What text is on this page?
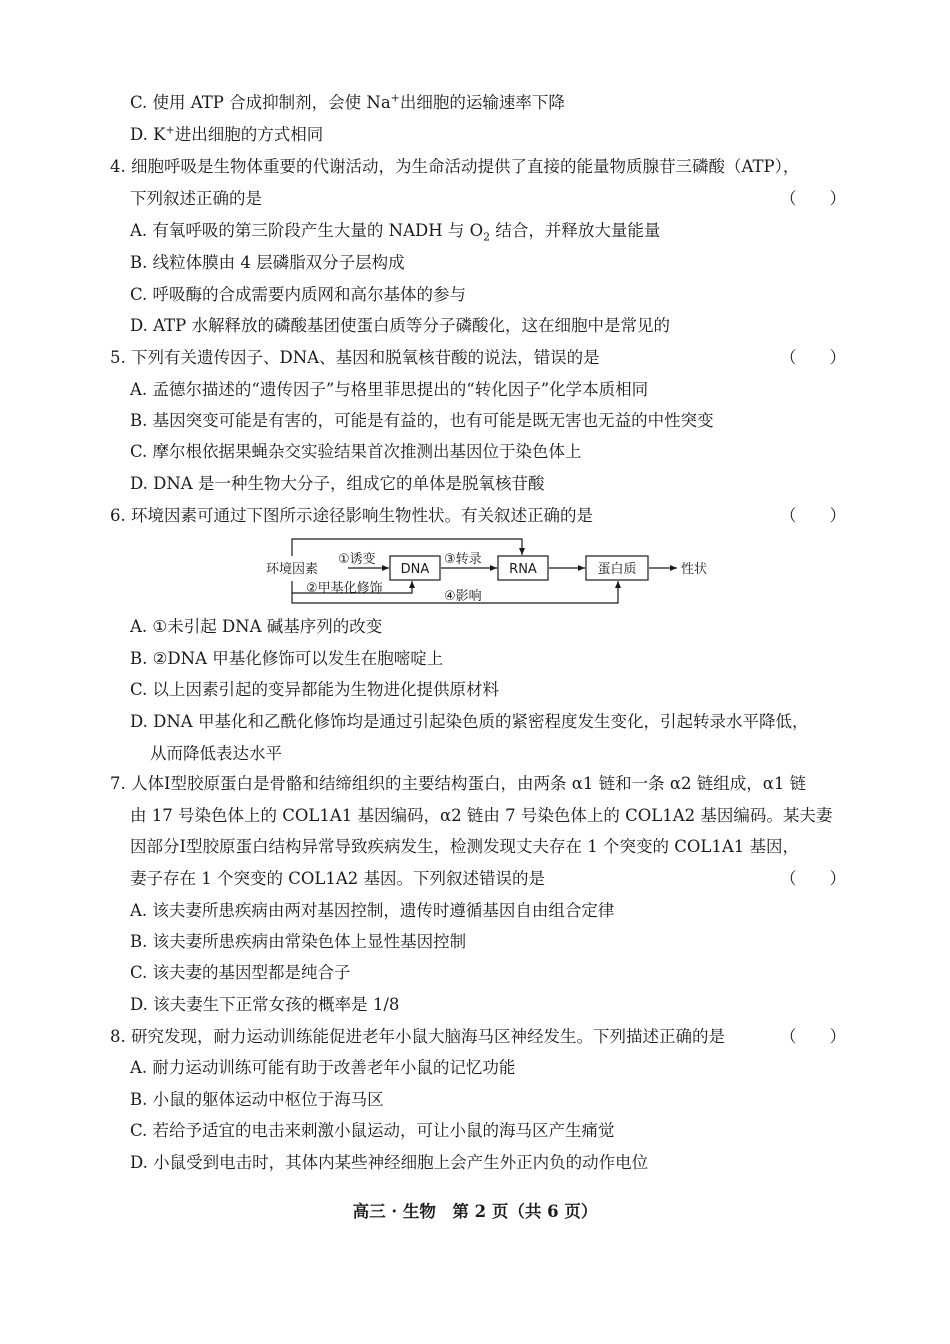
C. 使用 ATP 合成抑制剂，会使 Na+出细胞的运输速率下降
D. K+进出细胞的方式相同
4. 细胞呼吸是生物体重要的代谢活动，为生命活动提供了直接的能量物质腺苷三磷酸（ATP），
下列叙述正确的是	（　　）
A. 有氧呼吸的第三阶段产生大量的 NADH 与 $O_2$ 结合，并释放大量能量
B. 线粒体膜由 4 层磷脂双分子层构成
C. 呼吸酶的合成需要内质网和高尔基体的参与
D. ATP 水解释放的磷酸基团使蛋白质等分子磷酸化，这在细胞中是常见的
5. 下列有关遗传因子、DNA、基因和脱氧核苷酸的说法，错误的是	（　　）
A. 孟德尔描述的“遗传因子”与格里菲思提出的“转化因子”化学本质相同
B. 基因突变可能是有害的，可能是有益的，也有可能是既无害也无益的中性突变
C. 摩尔根依据果蝇杂交实验结果首次推测出基因位于染色体上
D. DNA 是一种生物大分子，组成它的单体是脱氧核苷酸
6. 环境因素可通过下图所示途径影响生物性状。有关叙述正确的是	（　　）
环境因素
①诱变
DNA
③转录
RNA	蛋白质	性状
②甲基化修饰
④影响
A. ①未引起 DNA 碱基序列的改变
B. ②DNA 甲基化修饰可以发生在胞嘧啶上
C. 以上因素引起的变异都能为生物进化提供原材料
D. DNA 甲基化和乙酰化修饰均是通过引起染色质的紧密程度发生变化，引起转录水平降低，
从而降低表达水平
7. 人体Ⅰ型胶原蛋白是骨骼和结缔组织的主要结构蛋白，由两条 α1 链和一条 α2 链组成，α1 链
由 17 号染色体上的 COL1A1 基因编码，α2 链由 7 号染色体上的 COL1A2 基因编码。某夫妻
因部分Ⅰ型胶原蛋白结构异常导致疾病发生，检测发现丈夫存在 1 个突变的 COL1A1 基因，
妻子存在 1 个突变的 COL1A2 基因。下列叙述错误的是	（　　）
A. 该夫妻所患疾病由两对基因控制，遗传时遵循基因自由组合定律
B. 该夫妻所患疾病由常染色体上显性基因控制
C. 该夫妻的基因型都是纯合子
D. 该夫妻生下正常女孩的概率是 1/8
8. 研究发现，耐力运动训练能促进老年小鼠大脑海马区神经发生。下列描述正确的是	（　　）
A. 耐力运动训练可能有助于改善老年小鼠的记忆功能
B. 小鼠的躯体运动中枢位于海马区
C. 若给予适宜的电击来刺激小鼠运动，可让小鼠的海马区产生痛觉
D. 小鼠受到电击时，其体内某些神经细胞上会产生外正内负的动作电位
高三 · 生物　第 2 页（共 6 页）
